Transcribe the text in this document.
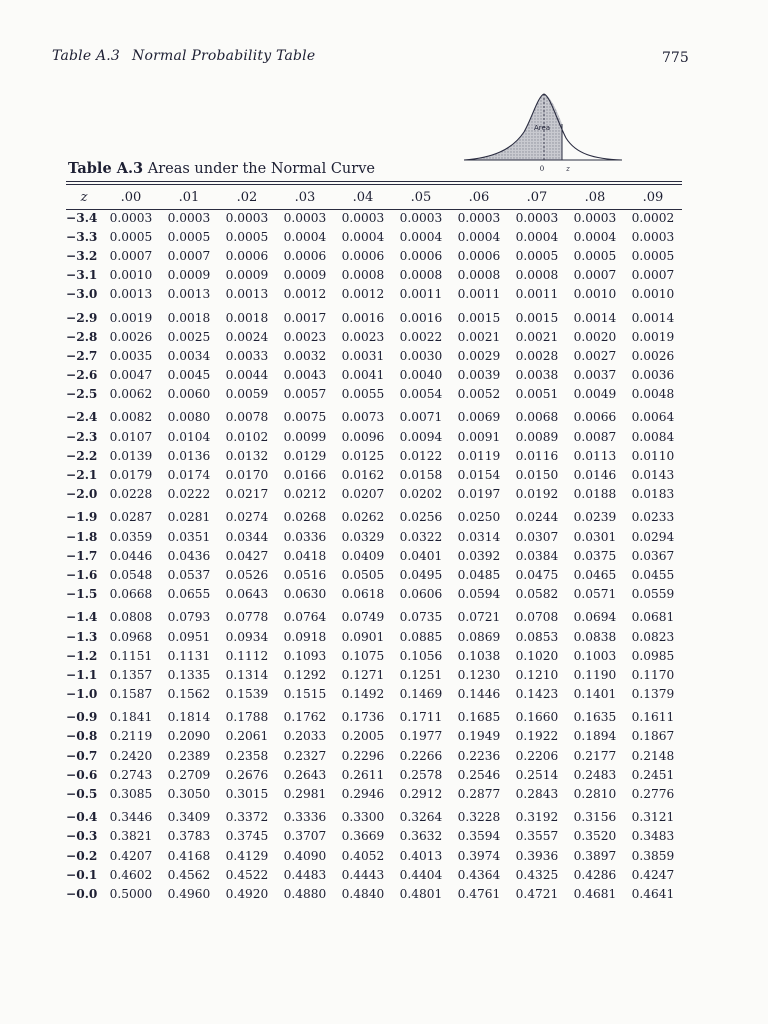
Table A.3 Normal Probability Table	775
Area
0	z
Table A.3 Areas under the Normal Curve
z	.00	.01	.02	.03	.04	.05	.06	.07	.08	.09
−3.4	0.0003	0.0003	0.0003	0.0003	0.0003	0.0003	0.0003	0.0003	0.0003	0.0002
−3.3	0.0005	0.0005	0.0005	0.0004	0.0004	0.0004	0.0004	0.0004	0.0004	0.0003
−3.2	0.0007	0.0007	0.0006	0.0006	0.0006	0.0006	0.0006	0.0005	0.0005	0.0005
−3.1	0.0010	0.0009	0.0009	0.0009	0.0008	0.0008	0.0008	0.0008	0.0007	0.0007
−3.0	0.0013	0.0013	0.0013	0.0012	0.0012	0.0011	0.0011	0.0011	0.0010	0.0010
−2.9	0.0019	0.0018	0.0018	0.0017	0.0016	0.0016	0.0015	0.0015	0.0014	0.0014
−2.8	0.0026	0.0025	0.0024	0.0023	0.0023	0.0022	0.0021	0.0021	0.0020	0.0019
−2.7	0.0035	0.0034	0.0033	0.0032	0.0031	0.0030	0.0029	0.0028	0.0027	0.0026
−2.6	0.0047	0.0045	0.0044	0.0043	0.0041	0.0040	0.0039	0.0038	0.0037	0.0036
−2.5	0.0062	0.0060	0.0059	0.0057	0.0055	0.0054	0.0052	0.0051	0.0049	0.0048
−2.4	0.0082	0.0080	0.0078	0.0075	0.0073	0.0071	0.0069	0.0068	0.0066	0.0064
−2.3	0.0107	0.0104	0.0102	0.0099	0.0096	0.0094	0.0091	0.0089	0.0087	0.0084
−2.2	0.0139	0.0136	0.0132	0.0129	0.0125	0.0122	0.0119	0.0116	0.0113	0.0110
−2.1	0.0179	0.0174	0.0170	0.0166	0.0162	0.0158	0.0154	0.0150	0.0146	0.0143
−2.0	0.0228	0.0222	0.0217	0.0212	0.0207	0.0202	0.0197	0.0192	0.0188	0.0183
−1.9	0.0287	0.0281	0.0274	0.0268	0.0262	0.0256	0.0250	0.0244	0.0239	0.0233
−1.8	0.0359	0.0351	0.0344	0.0336	0.0329	0.0322	0.0314	0.0307	0.0301	0.0294
−1.7	0.0446	0.0436	0.0427	0.0418	0.0409	0.0401	0.0392	0.0384	0.0375	0.0367
−1.6	0.0548	0.0537	0.0526	0.0516	0.0505	0.0495	0.0485	0.0475	0.0465	0.0455
−1.5	0.0668	0.0655	0.0643	0.0630	0.0618	0.0606	0.0594	0.0582	0.0571	0.0559
−1.4	0.0808	0.0793	0.0778	0.0764	0.0749	0.0735	0.0721	0.0708	0.0694	0.0681
−1.3	0.0968	0.0951	0.0934	0.0918	0.0901	0.0885	0.0869	0.0853	0.0838	0.0823
−1.2	0.1151	0.1131	0.1112	0.1093	0.1075	0.1056	0.1038	0.1020	0.1003	0.0985
−1.1	0.1357	0.1335	0.1314	0.1292	0.1271	0.1251	0.1230	0.1210	0.1190	0.1170
−1.0	0.1587	0.1562	0.1539	0.1515	0.1492	0.1469	0.1446	0.1423	0.1401	0.1379
−0.9	0.1841	0.1814	0.1788	0.1762	0.1736	0.1711	0.1685	0.1660	0.1635	0.1611
−0.8	0.2119	0.2090	0.2061	0.2033	0.2005	0.1977	0.1949	0.1922	0.1894	0.1867
−0.7	0.2420	0.2389	0.2358	0.2327	0.2296	0.2266	0.2236	0.2206	0.2177	0.2148
−0.6	0.2743	0.2709	0.2676	0.2643	0.2611	0.2578	0.2546	0.2514	0.2483	0.2451
−0.5	0.3085	0.3050	0.3015	0.2981	0.2946	0.2912	0.2877	0.2843	0.2810	0.2776
−0.4	0.3446	0.3409	0.3372	0.3336	0.3300	0.3264	0.3228	0.3192	0.3156	0.3121
−0.3	0.3821	0.3783	0.3745	0.3707	0.3669	0.3632	0.3594	0.3557	0.3520	0.3483
−0.2	0.4207	0.4168	0.4129	0.4090	0.4052	0.4013	0.3974	0.3936	0.3897	0.3859
−0.1	0.4602	0.4562	0.4522	0.4483	0.4443	0.4404	0.4364	0.4325	0.4286	0.4247
−0.0	0.5000	0.4960	0.4920	0.4880	0.4840	0.4801	0.4761	0.4721	0.4681	0.4641
